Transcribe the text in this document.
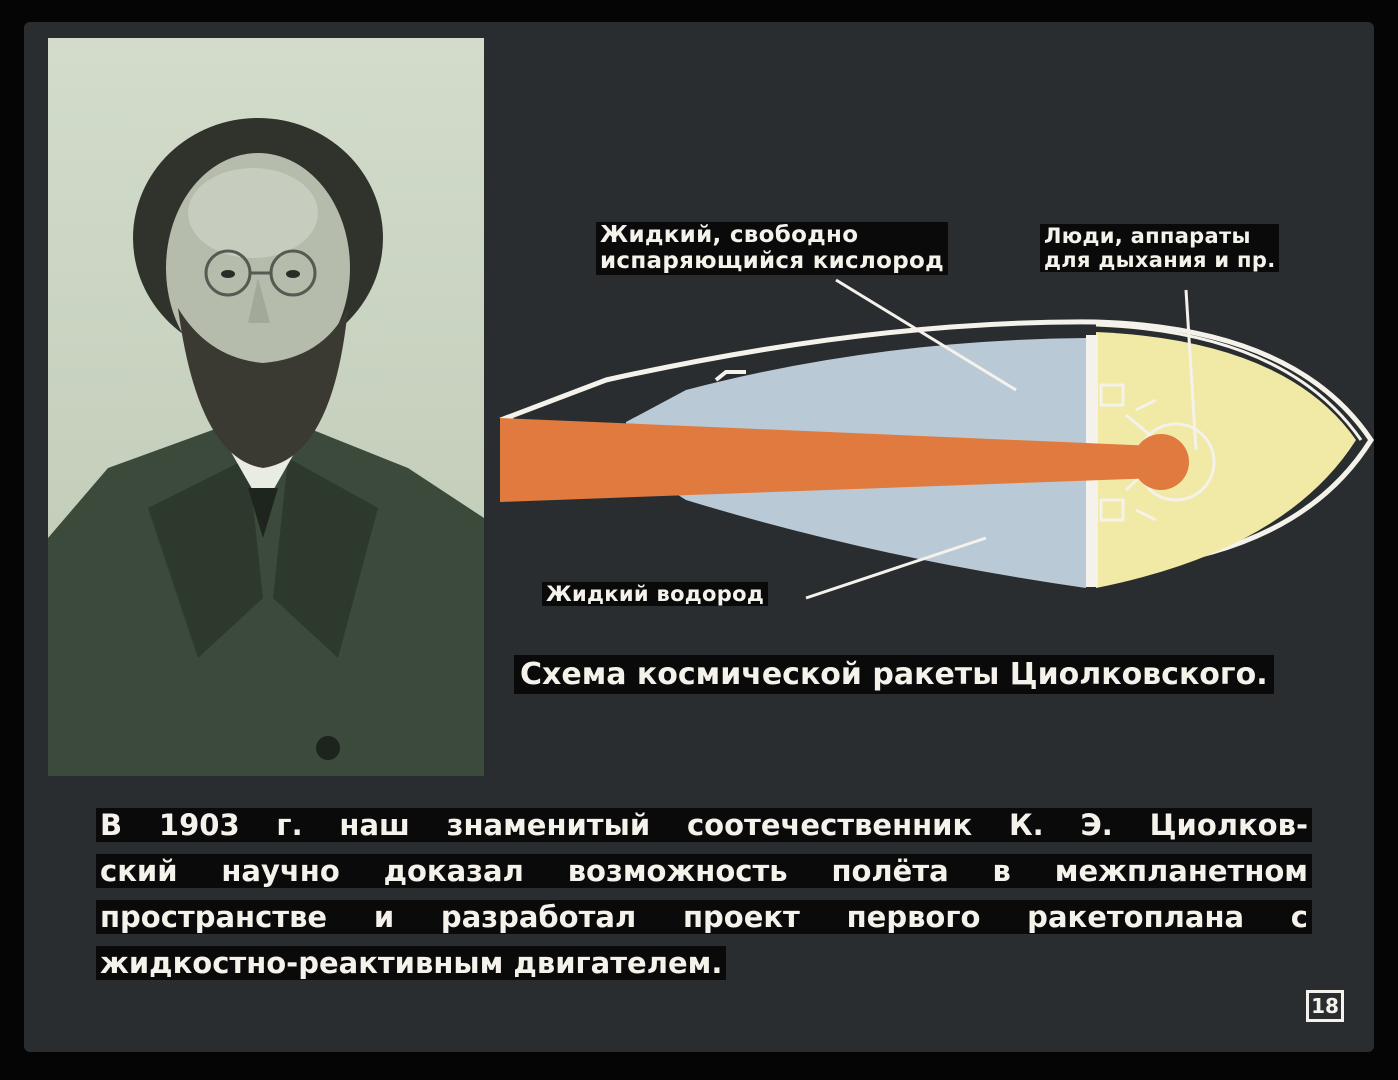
Жидкий, свободно
испаряющийся кислород
Люди, аппараты
для дыхания и пр.
Жидкий водород
Схема космической ракеты Циолковского.
В 1903 г. наш знаменитый соотечественник К. Э. Циолков-
ский научно доказал возможность полёта в межпланетном
пространстве и разработал проект первого ракетоплана с
жидкостно-реактивным двигателем.
18
